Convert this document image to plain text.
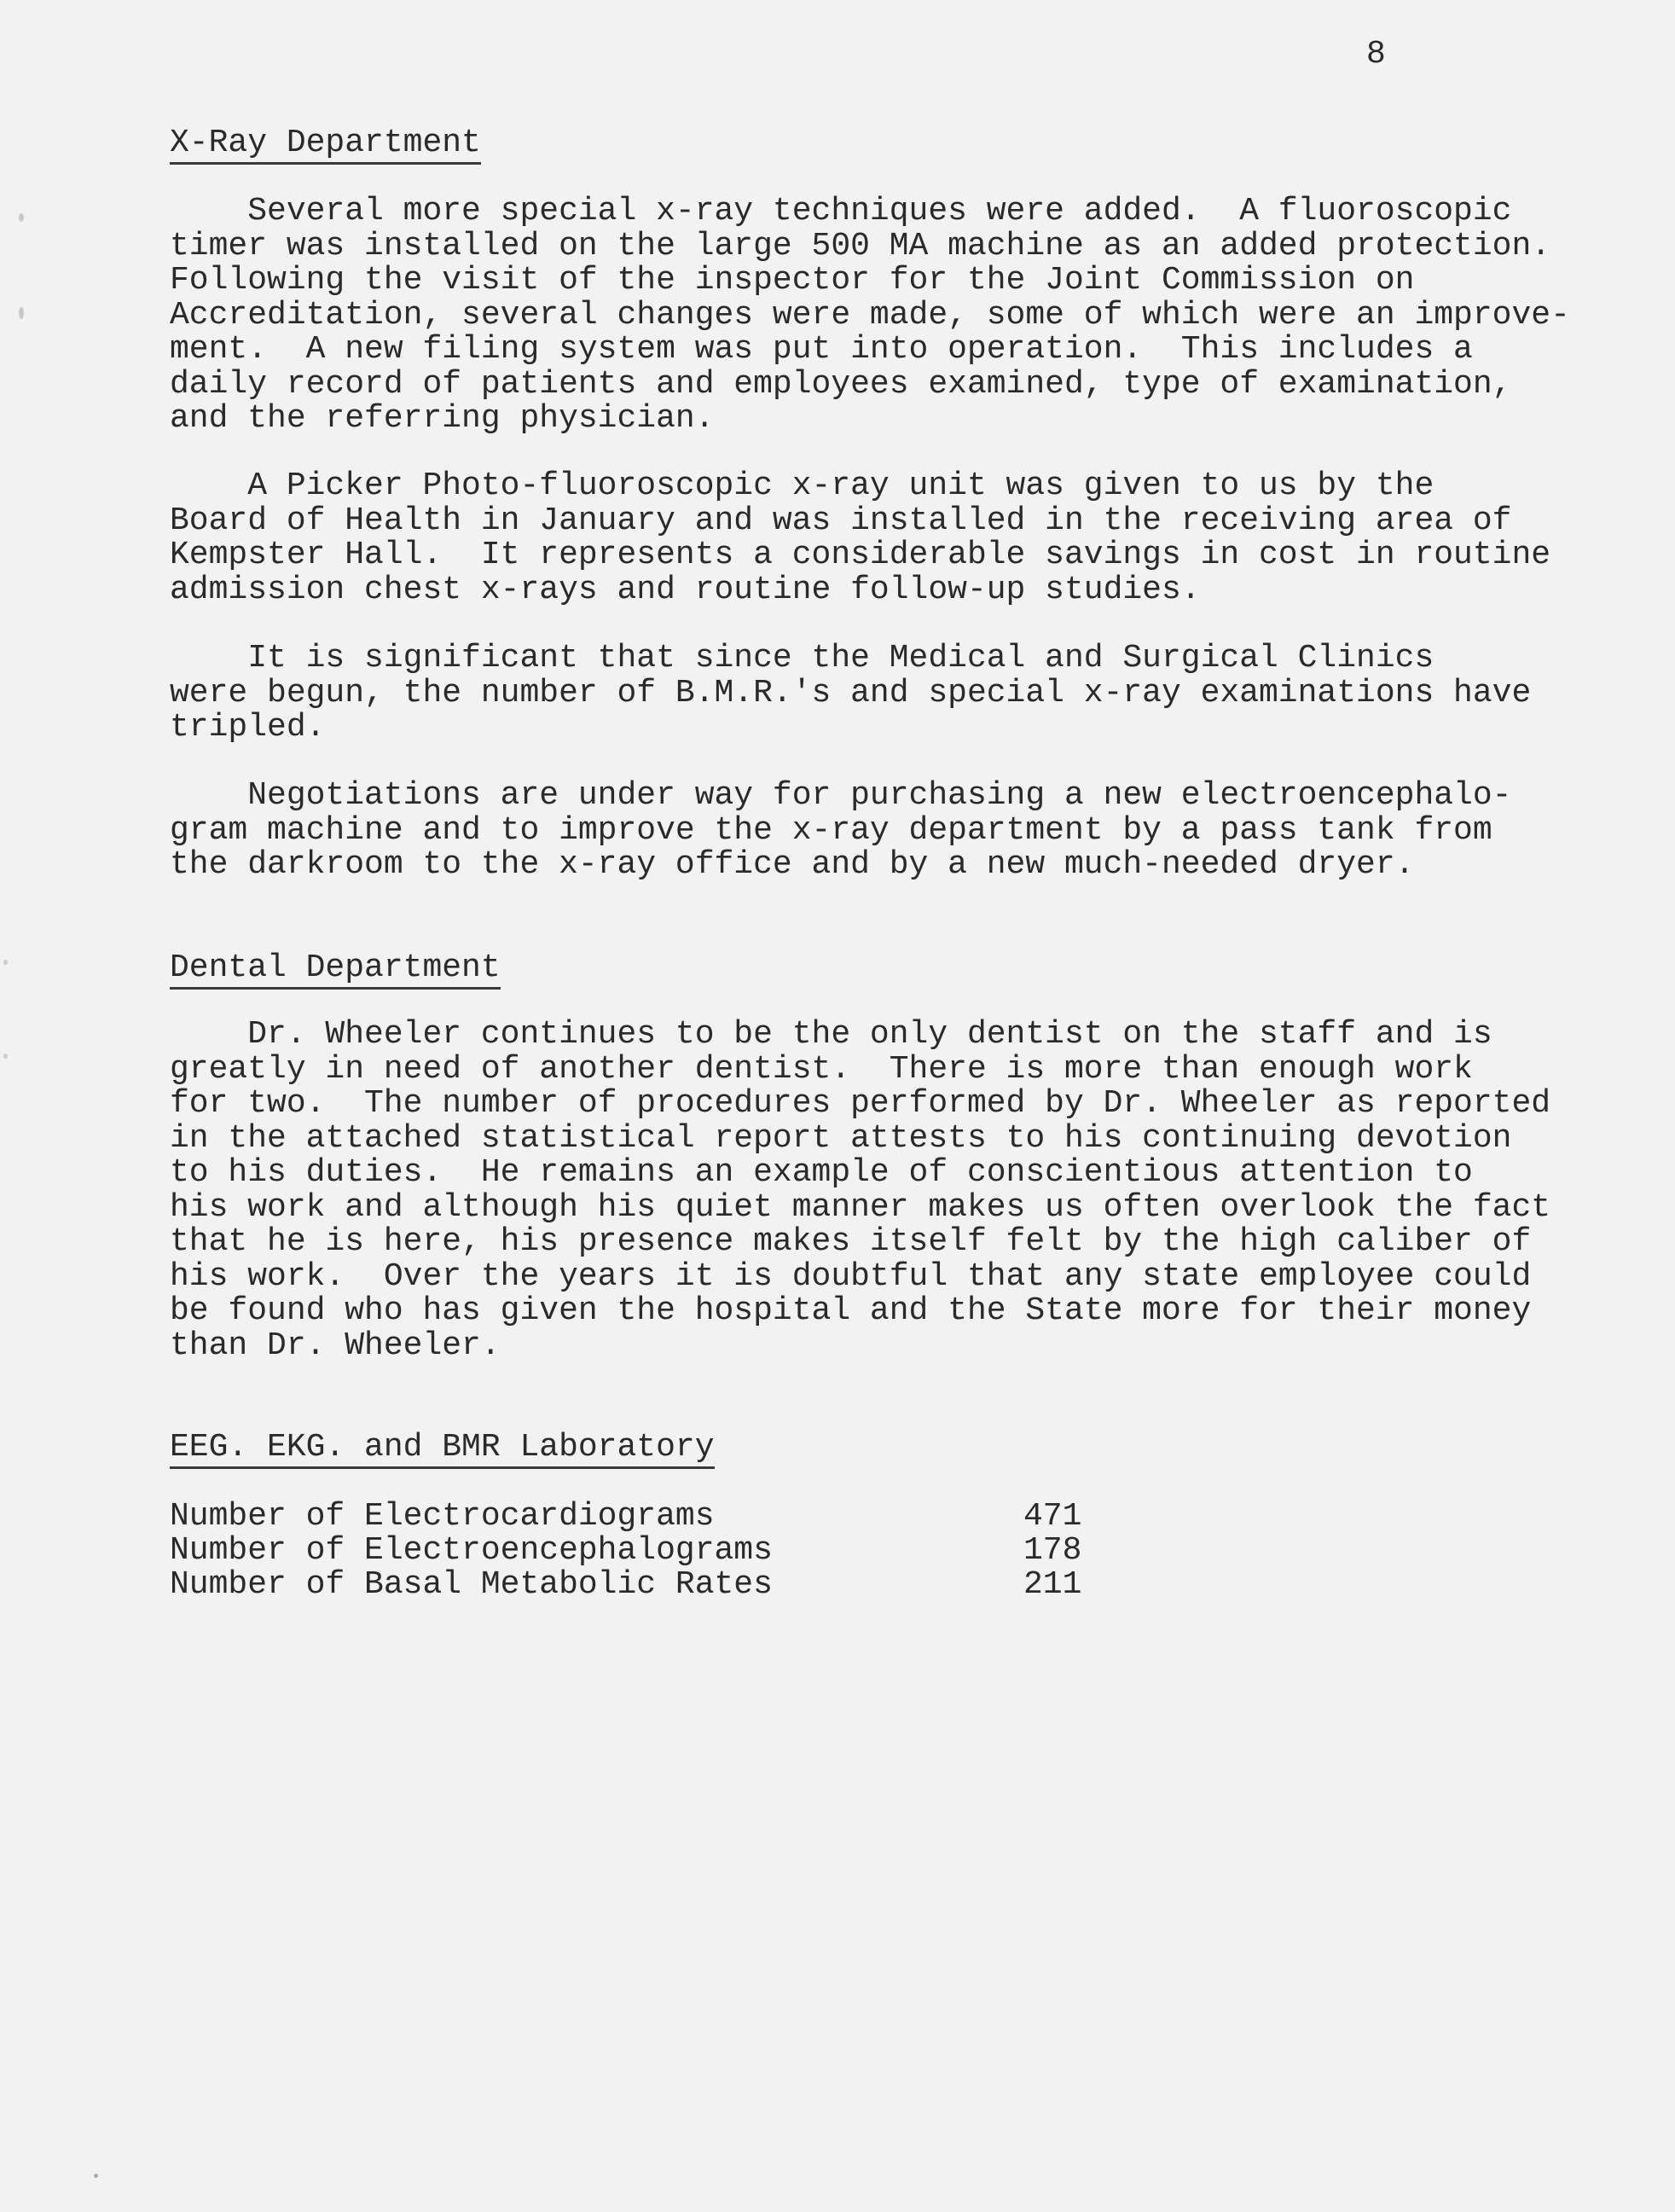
8
X-Ray Department
Several more special x-ray techniques were added.  A fluoroscopic
timer was installed on the large 500 MA machine as an added protection.
Following the visit of the inspector for the Joint Commission on
Accreditation, several changes were made, some of which were an improve-
ment.  A new filing system was put into operation.  This includes a
daily record of patients and employees examined, type of examination,
and the referring physician.
A Picker Photo-fluoroscopic x-ray unit was given to us by the
Board of Health in January and was installed in the receiving area of
Kempster Hall.  It represents a considerable savings in cost in routine
admission chest x-rays and routine follow-up studies.
It is significant that since the Medical and Surgical Clinics
were begun, the number of B.M.R.'s and special x-ray examinations have
tripled.
Negotiations are under way for purchasing a new electroencephalo-
gram machine and to improve the x-ray department by a pass tank from
the darkroom to the x-ray office and by a new much-needed dryer.
Dental Department
Dr. Wheeler continues to be the only dentist on the staff and is
greatly in need of another dentist.  There is more than enough work
for two.  The number of procedures performed by Dr. Wheeler as reported
in the attached statistical report attests to his continuing devotion
to his duties.  He remains an example of conscientious attention to
his work and although his quiet manner makes us often overlook the fact
that he is here, his presence makes itself felt by the high caliber of
his work.  Over the years it is doubtful that any state employee could
be found who has given the hospital and the State more for their money
than Dr. Wheeler.
EEG. EKG. and BMR Laboratory
Number of Electrocardiograms	471
Number of Electroencephalograms	178
Number of Basal Metabolic Rates	211
